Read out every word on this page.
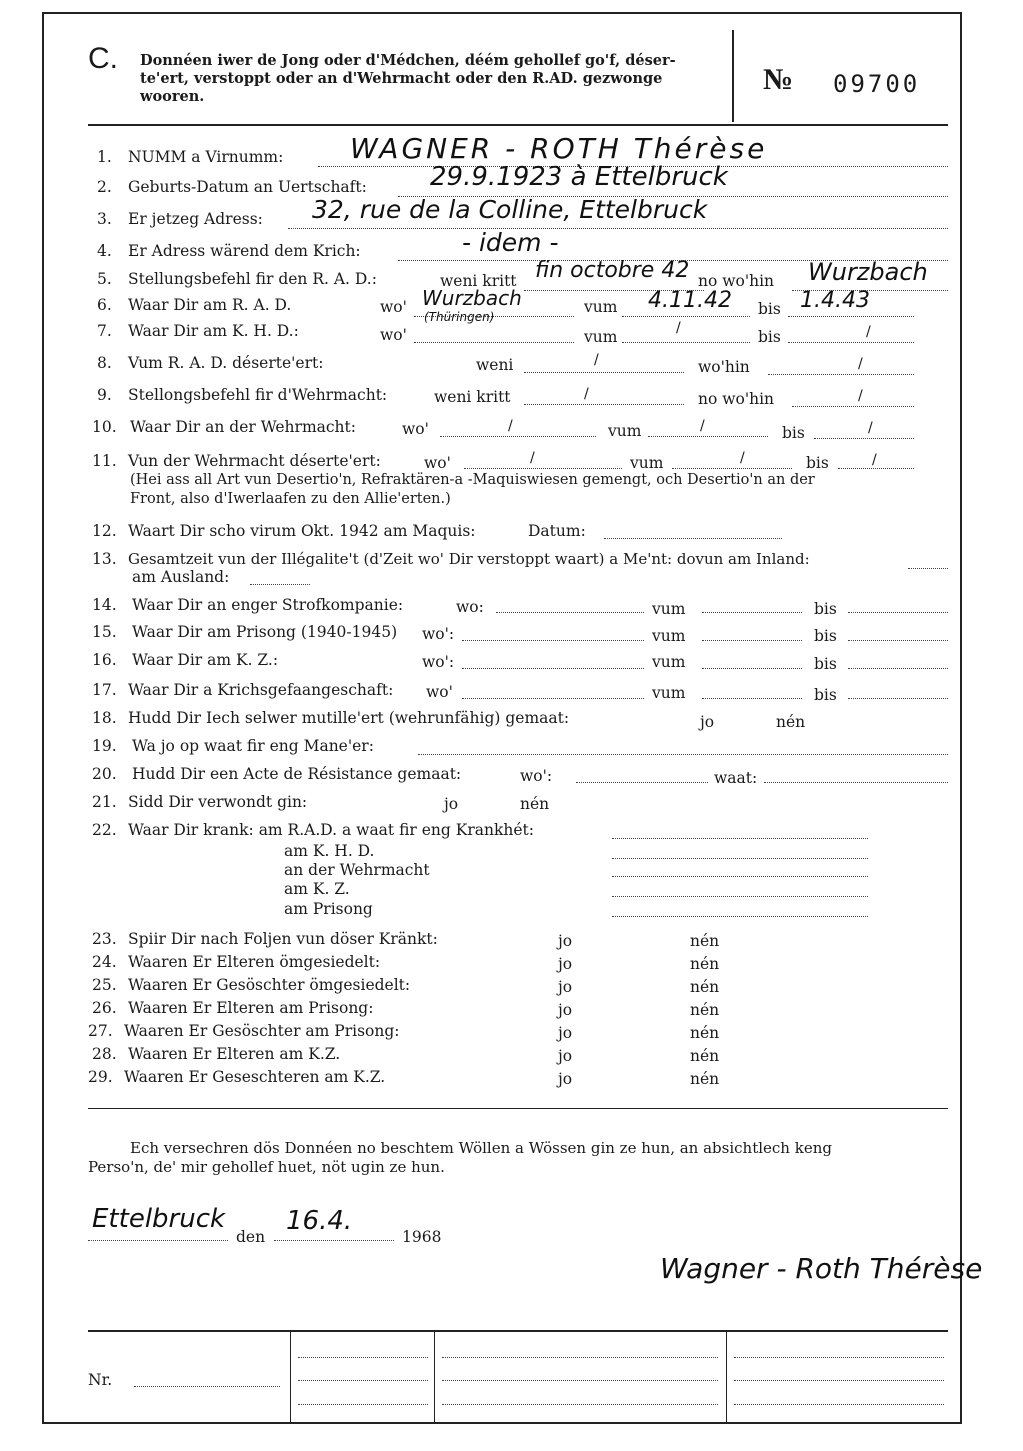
C. Donnéen iwer de Jong oder d'Médchen, déém gehollef go'f, déser-te'ert, verstoppt oder an d'Wehrmacht oder den R.AD. gezwonge wooren.
№ 09700
1. NUMM a Virnumm: WAGNER - ROTH Thérèse
2. Geburts-Datum an Uertschaft: 29.9.1923 à Ettelbruck
3. Er jetzeg Adress: 32, rue de la Colline, Ettelbruck
4. Er Adress wärend dem Krich:	- idem -
5. Stellungsbefehl fir den R. A. D.:	weni kritt fin octobre 42 no wo'hin Wurzbach
6. Waar Dir am R. A. D.	wo' Wurzbach
(Thüringen)
vum 4.11.42 bis 1.4.43
7. Waar Dir am K. H. D.:	wo'	vum	/	bis	/
8. Vum R. A. D. déserte'ert:	weni	/	wo'hin	/
9. Stellongsbefehl fir d'Wehrmacht:	weni kritt	/	no wo'hin	/
10. Waar Dir an der Wehrmacht:	wo'	/	vum	/	bis	/
11. Vun der Wehrmacht déserte'ert:	wo'	/	vum	/	bis	/
(Hei ass all Art vun Desertio'n, Refraktären-a -Maquiswiesen gemengt, och Desertio'n an der
Front, also d'Iwerlaafen zu den Allie'erten.)
12. Waart Dir scho virum Okt. 1942 am Maquis:	Datum:
13. Gesamtzeit vun der Illégalite't (d'Zeit wo' Dir verstoppt waart) a Me'nt: dovun am Inland:
am Ausland:
14. Waar Dir an enger Strofkompanie:	wo:	vum	bis
15. Waar Dir am Prisong (1940-1945) wo':	vum	bis
16. Waar Dir am K. Z.:	wo':	vum	bis
17. Waar Dir a Krichsgefaangeschaft: wo'	vum	bis
18. Hudd Dir Iech selwer mutille'ert (wehrunfähig) gemaat:	jo	nén
19. Wa jo op waat fir eng Mane'er:
20. Hudd Dir een Acte de Résistance gemaat:	wo':	waat:
21. Sidd Dir verwondt gin:	jo	nén
22. Waar Dir krank: am R.A.D. a waat fir eng Krankhét:
am K. H. D.
an der Wehrmacht
am K. Z.
am Prisong
23. Spiir Dir nach Foljen vun döser Kränkt:	jo	nén
24. Waaren Er Elteren ömgesiedelt:	jo	nén
25. Waaren Er Gesöschter ömgesiedelt:	jo	nén
26. Waaren Er Elteren am Prisong:	jo	nén
27. Waaren Er Gesöschter am Prisong:	jo	nén
28. Waaren Er Elteren am K.Z.	jo	nén
29. Waaren Er Geseschteren am K.Z.	jo	nén
Ech versechren dös Donnéen no beschtem Wöllen a Wössen gin ze hun, an absichtlech keng
Perso'n, de' mir gehollef huet, nöt ugin ze hun.
Ettelbruck
den
16.4.
1968
Wagner - Roth Thérèse
Nr.
